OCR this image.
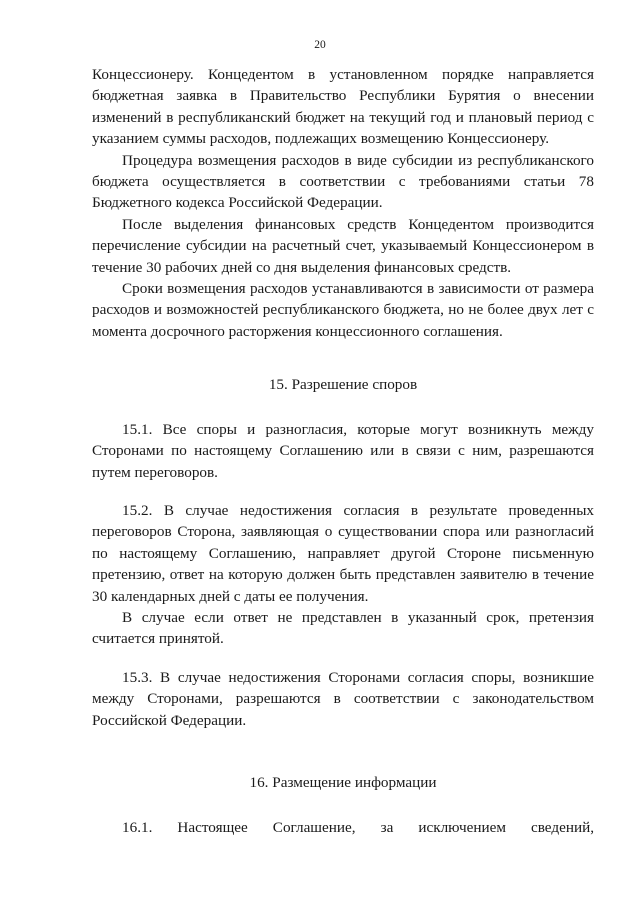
20

Концессионеру. Концедентом в установленном порядке направляется бюджетная заявка в Правительство Республики Бурятия о внесении изменений в республиканский бюджет на текущий год и плановый период с указанием суммы расходов, подлежащих возмещению Концессионеру.

Процедура возмещения расходов в виде субсидии из республиканского бюджета осуществляется в соответствии с требованиями статьи 78 Бюджетного кодекса Российской Федерации.

После выделения финансовых средств Концедентом производится перечисление субсидии на расчетный счет, указываемый Концессионером в течение 30 рабочих дней со дня выделения финансовых средств.

Сроки возмещения расходов устанавливаются в зависимости от размера расходов и возможностей республиканского бюджета, но не более двух лет с момента досрочного расторжения концессионного соглашения.

15. Разрешение споров

15.1. Все споры и разногласия, которые могут возникнуть между Сторонами по настоящему Соглашению или в связи с ним, разрешаются путем переговоров.

15.2. В случае недостижения согласия в результате проведенных переговоров Сторона, заявляющая о существовании спора или разногласий по настоящему Соглашению, направляет другой Стороне письменную претензию, ответ на которую должен быть представлен заявителю в течение 30 календарных дней с даты ее получения.

В случае если ответ не представлен в указанный срок, претензия считается принятой.

15.3. В случае недостижения Сторонами согласия споры, возникшие между Сторонами, разрешаются в соответствии с законодательством Российской Федерации.

16. Размещение информации

16.1. Настоящее Соглашение, за исключением сведений,
